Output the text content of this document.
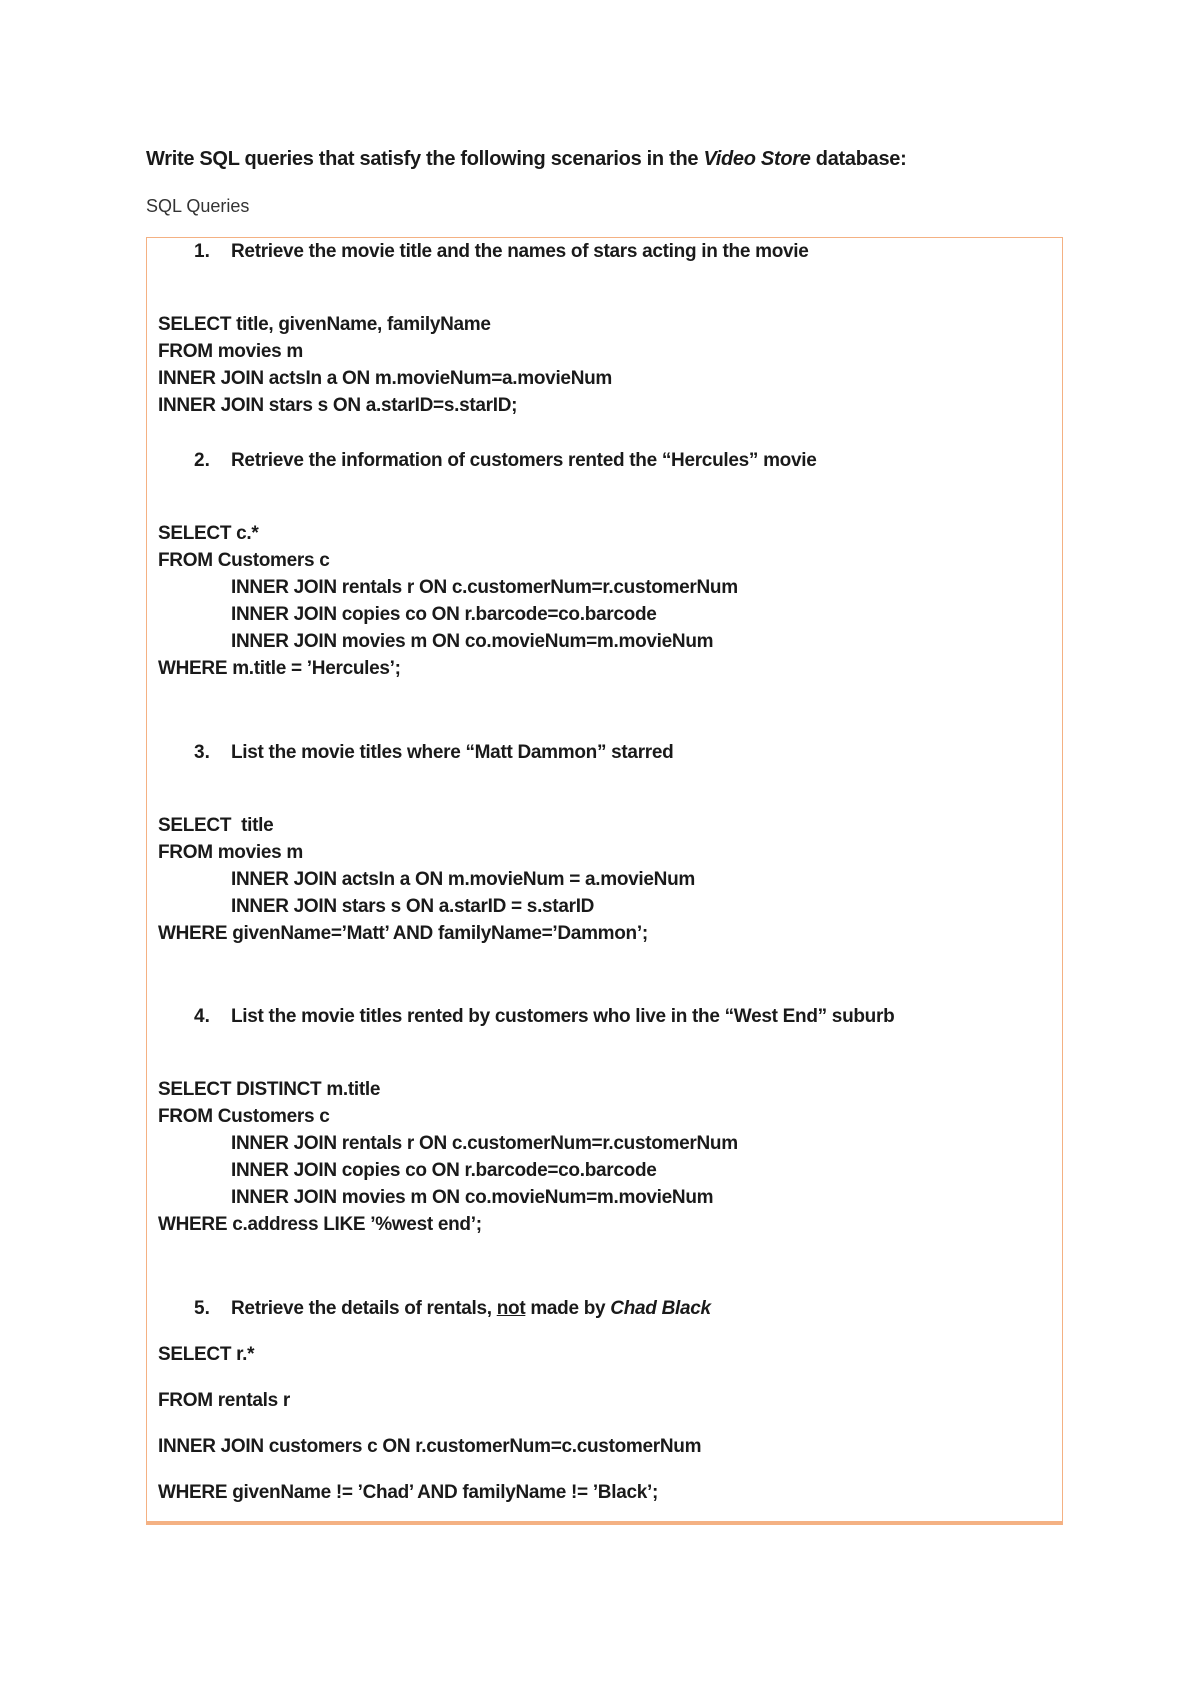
Write SQL queries that satisfy the following scenarios in the Video Store database:
SQL Queries
1. Retrieve the movie title and the names of stars acting in the movie
SELECT title, givenName, familyName
FROM movies m
INNER JOIN actsIn a ON m.movieNum=a.movieNum
INNER JOIN stars s ON a.starID=s.starID;
2. Retrieve the information of customers rented the “Hercules” movie
SELECT c.*
FROM Customers c
INNER JOIN rentals r ON c.customerNum=r.customerNum
INNER JOIN copies co ON r.barcode=co.barcode
INNER JOIN movies m ON co.movieNum=m.movieNum
WHERE m.title = ’Hercules’;
3. List the movie titles where “Matt Dammon” starred
SELECT  title
FROM movies m
INNER JOIN actsIn a ON m.movieNum = a.movieNum
INNER JOIN stars s ON a.starID = s.starID
WHERE givenName=’Matt’ AND familyName=’Dammon’;
4. List the movie titles rented by customers who live in the “West End” suburb
SELECT DISTINCT m.title
FROM Customers c
INNER JOIN rentals r ON c.customerNum=r.customerNum
INNER JOIN copies co ON r.barcode=co.barcode
INNER JOIN movies m ON co.movieNum=m.movieNum
WHERE c.address LIKE ’%west end’;
5. Retrieve the details of rentals, not made by Chad Black
SELECT r.*
FROM rentals r
INNER JOIN customers c ON r.customerNum=c.customerNum
WHERE givenName != ’Chad’ AND familyName != ’Black’;
